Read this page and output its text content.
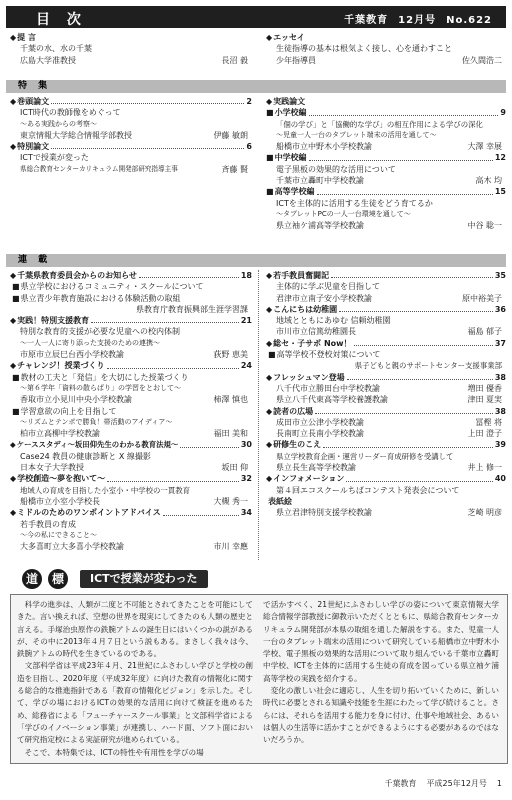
目 次	千葉教育 12月号 No.622
◆ 提 言
千葉の水、水の千葉
広島大学准教授	長沼 毅
◆ エッセイ
生徒指導の基本は根気よく接し、心を通わすこと
少年指導員	佐久間浩二
特 集
◆ 巻頭論文	2
ICT時代の教師像をめぐって
～ある実践からの考察～
東京情報大学総合情報学部教授	伊藤 敏朗
◆ 特別論文	6
ICTで授業が変った
県総合教育センターカリキュラム開発部研究指導主事	斉藤 賢
◆ 実践論文
■ 小学校編	9
「個の学び」と「協働的な学び」の相互作用による学びの深化
～児童一人一台のタブレット端末の活用を通して～
船橋市立中野木小学校教諭	大澤 幸展
■ 中学校編	12
電子黒板の効果的な活用について
千葉市立轟町中学校教諭	高木 均
■ 高等学校編	15
ICTを主体的に活用する生徒をどう育てるか
～タブレットPCの一人一台環境を通して～
県立袖ケ浦高等学校教諭	中谷 聡一
連 載
◆ 千葉県教育委員会からのお知らせ	18
■ 県立学校におけるコミュニティ・スクールについて
■ 県立青少年教育施設における体験活動の取組
県教育庁教育振興部生涯学習課
◆ 実践！特別支援教育	21
特別な教育的支援が必要な児童への校内体制
～一人一人に寄り添った支援のための連携～
市原市立辰巳台西小学校教諭	荻野 恵美
◆ チャレンジ！授業づくり	24
■ 教材の工夫と「発信」を大切にした授業づくり
～第６学年「資料の散らばり」の学習をとおして～
香取市立小見川中央小学校教諭	柿澤 慎也
■ 学習意欲の向上を目指して
～リズムとテンポで勝負！帯活動のアイディア～
柏市立高柳中学校教諭	福田 美和
◆ ケーススタディ～坂田仰先生のわかる教育法規～	30
Case24 教員の健康診断と X 線撮影
日本女子大学教授	坂田 仰
◆ 学校創造～夢を抱いて～	32
地域人の育成を目指した小室小・中学校の一貫教育
船橋市立小室小学校長	大槻 秀一
◆ ミドルのためのワンポイントアドバイス	34
若手教員の育成
～今の私にできること～
大多喜町立大多喜小学校教諭	市川 幸應
◆ 若手教員奮闘記	35
主体的に学ぶ児童を目指して
君津市立南子安小学校教諭	原中裕美子
◆ こんにちは幼稚園	36
地域とともにあゆむ 信頼幼稚園
市川市立信篤幼稚園長	福島 郁子
◆ 総セ・子サポ Now！	37
■ 高等学校不登校対策について
県子どもと親のサポートセンター支援事業部
◆ フレッシュマン登場	38
八千代市立勝田台中学校教諭	増田 優香
県立八千代東高等学校養護教諭	津田 夏実
◆ 読者の広場	38
成田市立公津小学校教諭	冨樫 将
長南町立長南小学校教諭	上田 澄子
◆ 研修生のこえ	39
県立学校教育企画・運営リーダー育成研修を受講して
県立長生高等学校教諭	井上 修一
◆ インフォメーション	40
第４回エコスクールちばコンテスト発表会について
表紙絵
県立君津特別支援学校教諭	芝崎 明彦
道	標	ICTで授業が変わった
　科学の進歩は、人類が二度と不可能とされてきたことを可能にしてきた。言い換えれば、空想の世界を現実にしてきたのも人類の歴史と言える。手塚治虫原作の鉄腕アトムの誕生日にはいくつかの説があるが、その中に2013年４月７日という説もある。まさしく我々は今、鉄腕アトムの時代を生きているのである。
　文部科学省は平成23年４月、21世紀にふさわしい学びと学校の創造を目指し、2020年度（平成32年度）に向けた教育の情報化に関する総合的な推進指針である「教育の情報化ビジョン」を示した。そして、学びの場におけるICTの効果的な活用に向けて検証を進めるため、総務省による「フューチャースクール事業」と文部科学省による「学びのイノベーション事業」が連携し、ハード面、ソフト面において研究指定校による実証研究が進められている。
　そこで、本特集では、ICTの特性や有用性を学びの場
で活かすべく、21世紀にふさわしい学びの姿について東京情報大学総合情報学部教授に御教示いただくとともに、県総合教育センターカリキュラム開発部が本県の取組を通した解説をする。また、児童一人一台のタブレット端末の活用について研究している船橋市立中野木小学校、電子黒板の効果的な活用について取り組んでいる千葉市立轟町中学校、ICTを主体的に活用する生徒の育成を図っている県立袖ケ浦高等学校の実践を紹介する。
　変化の激しい社会に適応し、人生を切り拓いていくために、新しい時代に必要とされる知識や技能を生涯にわたって学び続けること。さらには、それらを活用する能力を身に付け、仕事や地域社会、あるいは個人の生活等に活かすことができるようにする必要があるのではないだろうか。
千葉教育 平成25年12月号 1
